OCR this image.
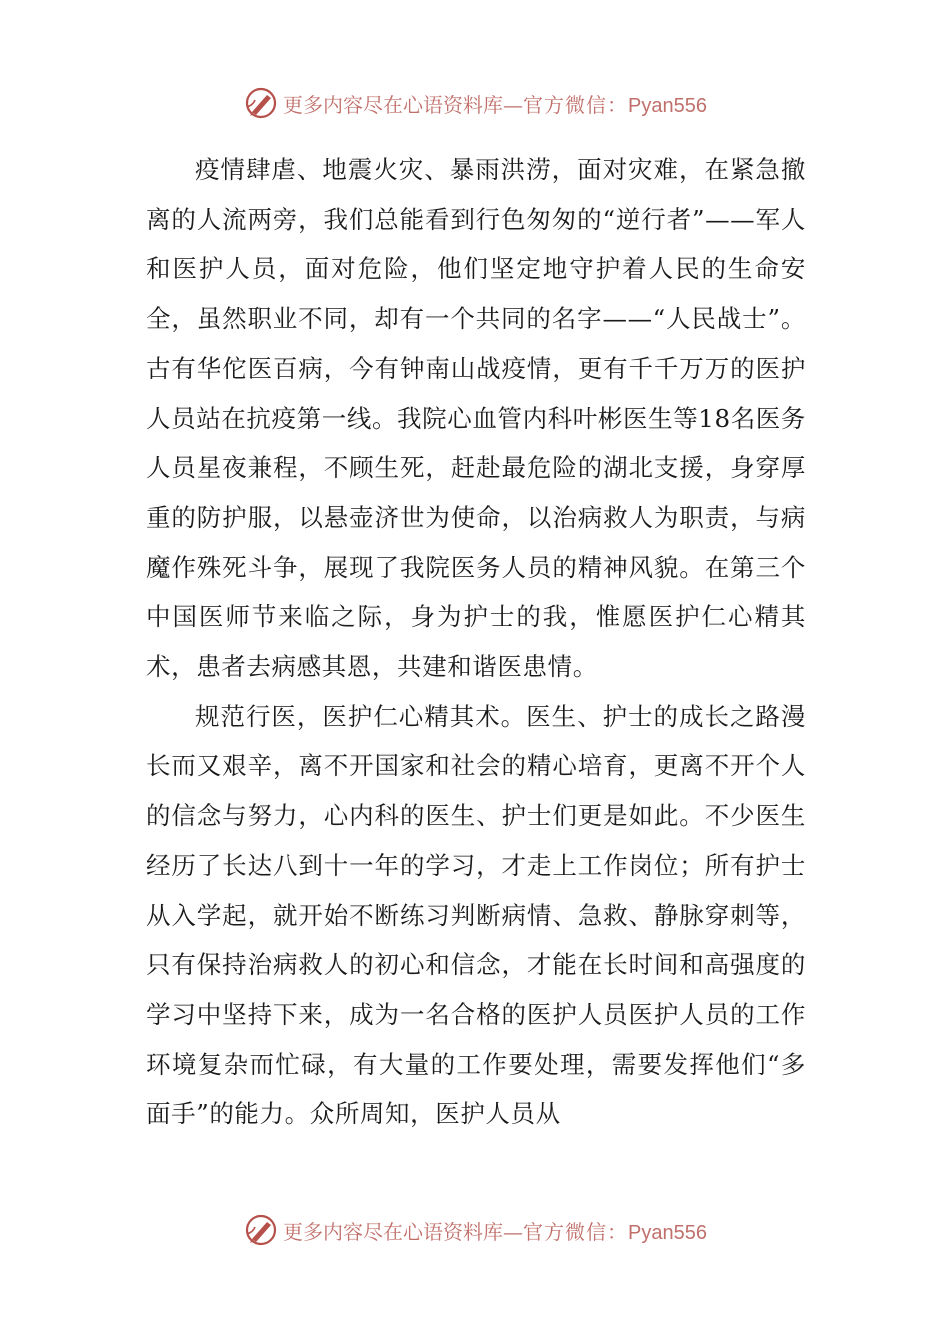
更多内容尽在心语资料库—官方微信：Pyan556

疫情肆虐、地震火灾、暴雨洪涝，面对灾难，在紧急撤离的人流两旁，我们总能看到行色匆匆的“逆行者”——军人和医护人员，面对危险，他们坚定地守护着人民的生命安全，虽然职业不同，却有一个共同的名字——“人民战士”。古有华佗医百病，今有钟南山战疫情，更有千千万万的医护人员站在抗疫第一线。我院心血管内科叶彬医生等18名医务人员星夜兼程，不顾生死，赶赴最危险的湖北支援，身穿厚重的防护服，以悬壶济世为使命，以治病救人为职责，与病魔作殊死斗争，展现了我院医务人员的精神风貌。在第三个中国医师节来临之际，身为护士的我，惟愿医护仁心精其术，患者去病感其恩，共建和谐医患情。

规范行医，医护仁心精其术。医生、护士的成长之路漫长而又艰辛，离不开国家和社会的精心培育，更离不开个人的信念与努力，心内科的医生、护士们更是如此。不少医生经历了长达八到十一年的学习，才走上工作岗位；所有护士从入学起，就开始不断练习判断病情、急救、静脉穿刺等，只有保持治病救人的初心和信念，才能在长时间和高强度的学习中坚持下来，成为一名合格的医护人员医护人员的工作环境复杂而忙碌，有大量的工作要处理，需要发挥他们“多面手”的能力。众所周知，医护人员从

更多内容尽在心语资料库—官方微信：Pyan556
